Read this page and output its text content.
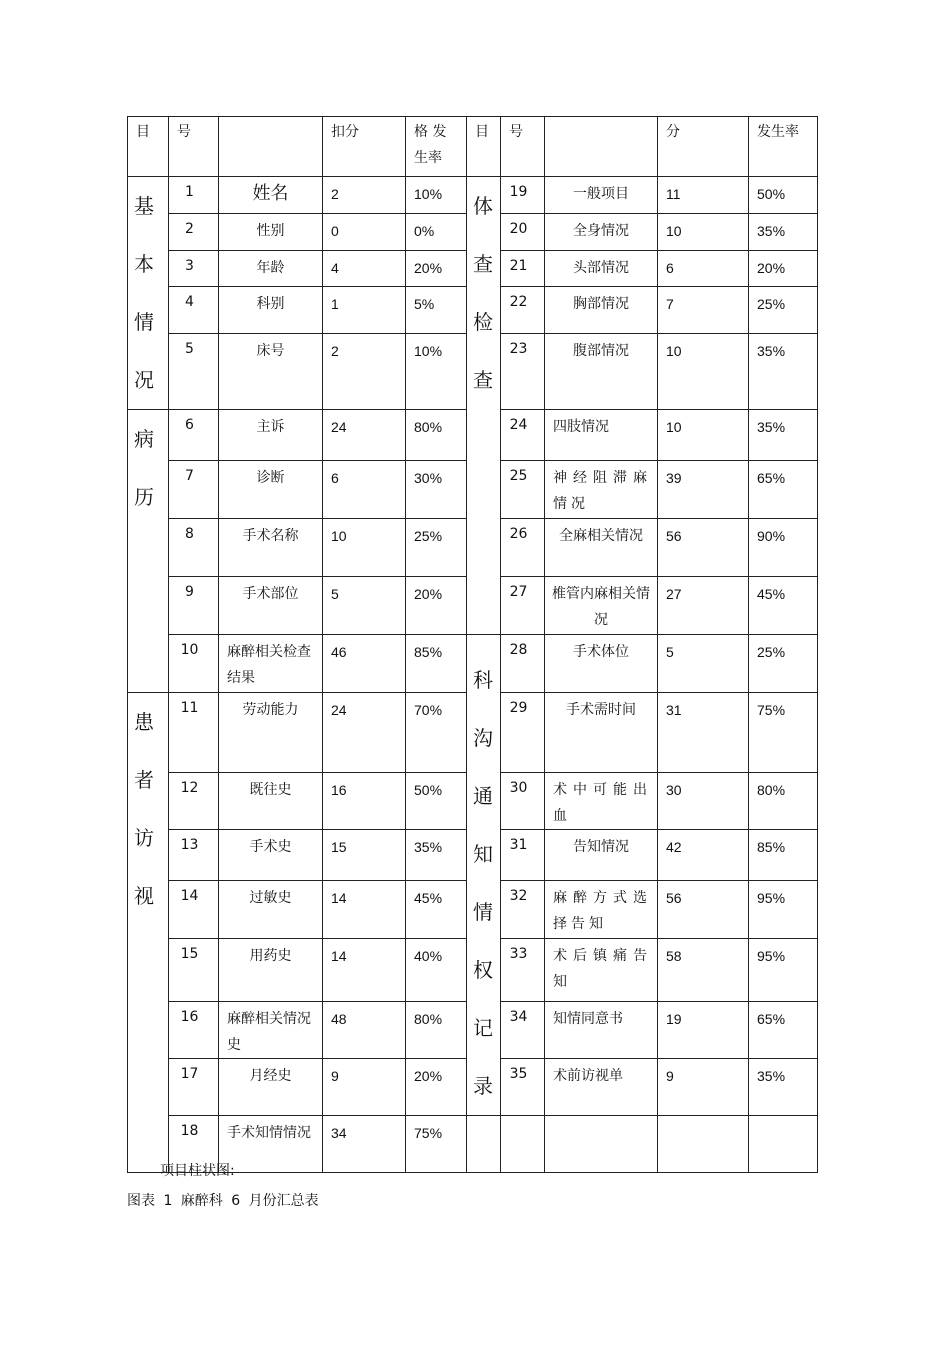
目	号		扣分	格 发生率	目	号		分	发生率

基本情况	1	姓名	2	10%	体查检查	19	一般项目	11	50%
	2	性别	0	0%		20	全身情况	10	35%
	3	年龄	4	20%		21	头部情况	6	20%
	4	科别	1	5%		22	胸部情况	7	25%
	5	床号	2	10%		23	腹部情况	10	35%

病历	6	主诉	24	80%		24	四肢情况	10	35%
	7	诊断	6	30%		25	神经阻滞麻情况	39	65%
	8	手术名称	10	25%		26	全麻相关情况	56	90%
	9	手术部位	5	20%		27	椎管内麻相关情况	27	45%
	10	麻醉相关检查结果	46	85%	科沟通知情权记录	28	手术体位	5	25%

患者访视	11	劳动能力	24	70%		29	手术需时间	31	75%
	12	既往史	16	50%		30	术中可能出血	30	80%
	13	手术史	15	35%		31	告知情况	42	85%
	14	过敏史	14	45%		32	麻醉方式选择告知	56	95%
	15	用药史	14	40%		33	术后镇痛告知	58	95%
	16	麻醉相关情况史	48	80%		34	知情同意书	19	65%
	17	月经史	9	20%		35	术前访视单	9	35%
	18	手术知情情况	34	75%					
项目柱状图:
图表 1 麻醉科 6 月份汇总表
